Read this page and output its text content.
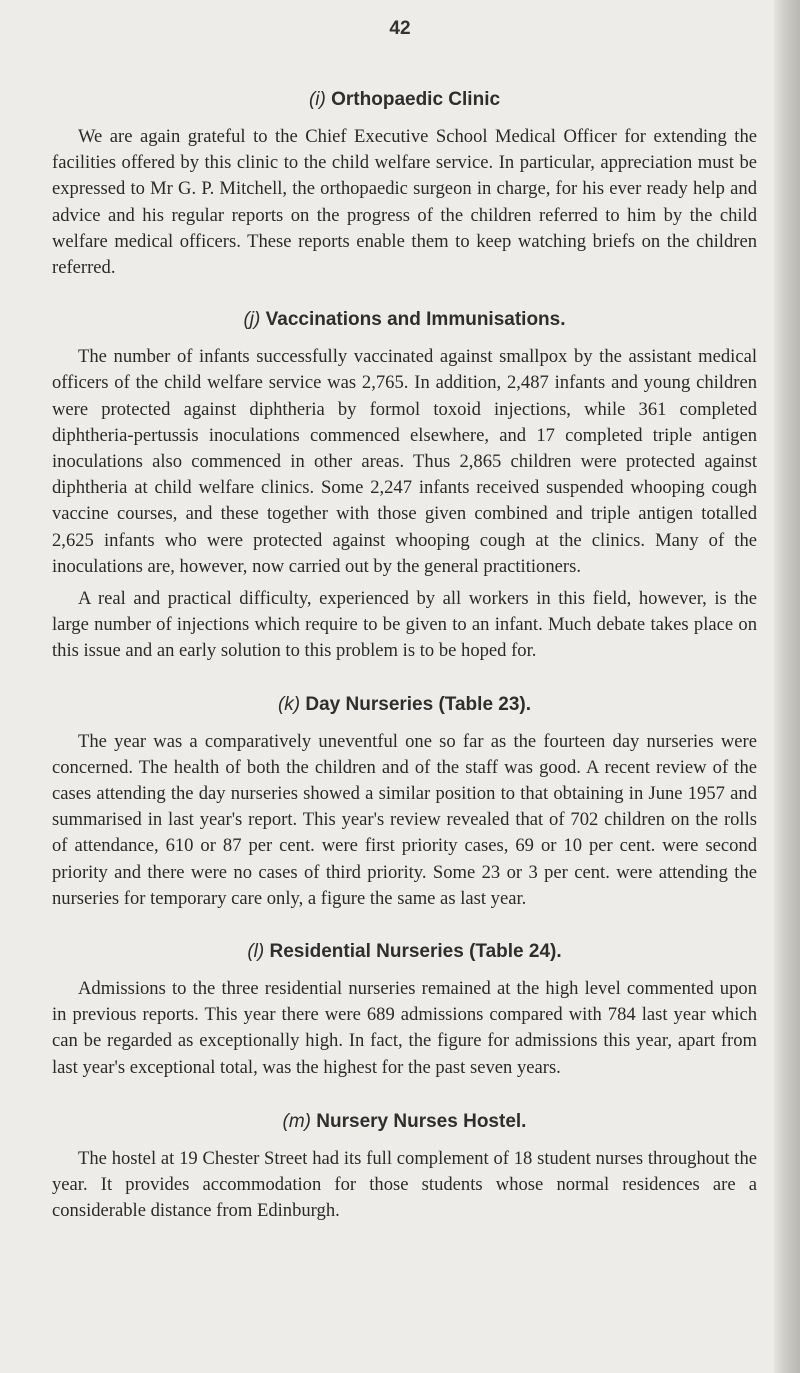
42
(i) Orthopaedic Clinic

We are again grateful to the Chief Executive School Medical Officer for extending the facilities offered by this clinic to the child welfare service. In particular, appreciation must be expressed to Mr G. P. Mitchell, the orthopaedic surgeon in charge, for his ever ready help and advice and his regular reports on the progress of the children referred to him by the child welfare medical officers. These reports enable them to keep watching briefs on the children referred.

(j) Vaccinations and Immunisations.

The number of infants successfully vaccinated against smallpox by the assistant medical officers of the child welfare service was 2,765. In addition, 2,487 infants and young children were protected against diphtheria by formol toxoid injections, while 361 completed diphtheria-pertussis inoculations commenced elsewhere, and 17 completed triple antigen inoculations also commenced in other areas. Thus 2,865 children were protected against diphtheria at child welfare clinics. Some 2,247 infants received suspended whooping cough vaccine courses, and these together with those given combined and triple antigen totalled 2,625 infants who were protected against whooping cough at the clinics. Many of the inoculations are, however, now carried out by the general practitioners.

A real and practical difficulty, experienced by all workers in this field, however, is the large number of injections which require to be given to an infant. Much debate takes place on this issue and an early solution to this problem is to be hoped for.

(k) Day Nurseries (Table 23).

The year was a comparatively uneventful one so far as the fourteen day nurseries were concerned. The health of both the children and of the staff was good. A recent review of the cases attending the day nurseries showed a similar position to that obtaining in June 1957 and summarised in last year's report. This year's review revealed that of 702 children on the rolls of attendance, 610 or 87 per cent. were first priority cases, 69 or 10 per cent. were second priority and there were no cases of third priority. Some 23 or 3 per cent. were attending the nurseries for temporary care only, a figure the same as last year.

(l) Residential Nurseries (Table 24).

Admissions to the three residential nurseries remained at the high level commented upon in previous reports. This year there were 689 admissions compared with 784 last year which can be regarded as exceptionally high. In fact, the figure for admissions this year, apart from last year's exceptional total, was the highest for the past seven years.

(m) Nursery Nurses Hostel.

The hostel at 19 Chester Street had its full complement of 18 student nurses throughout the year. It provides accommodation for those students whose normal residences are a considerable distance from Edinburgh.
